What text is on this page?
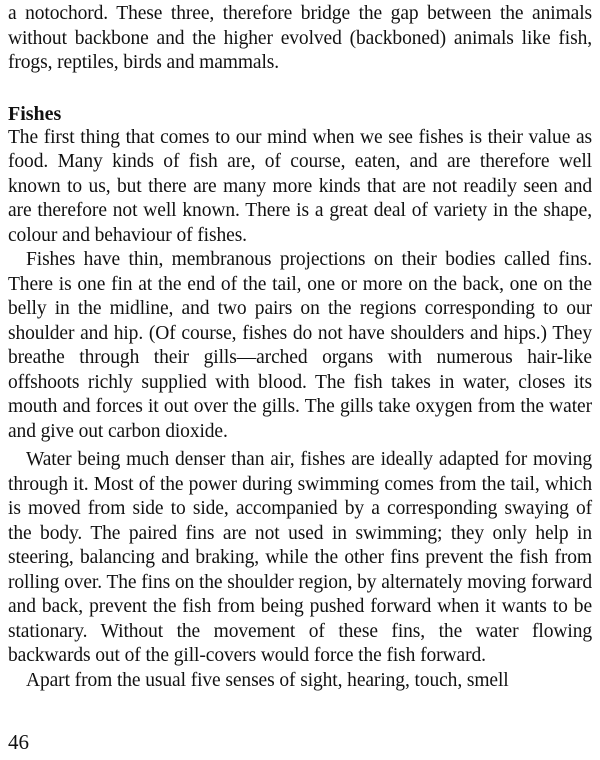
a notochord. These three, therefore bridge the gap between the animals without backbone and the higher evolved (backboned) animals like fish, frogs, reptiles, birds and mammals.

Fishes

The first thing that comes to our mind when we see fishes is their value as food. Many kinds of fish are, of course, eaten, and are therefore well known to us, but there are many more kinds that are not readily seen and are therefore not well known. There is a great deal of variety in the shape, colour and behaviour of fishes.

Fishes have thin, membranous projections on their bodies called fins. There is one fin at the end of the tail, one or more on the back, one on the belly in the midline, and two pairs on the regions corresponding to our shoulder and hip. (Of course, fishes do not have shoulders and hips.) They breathe through their gills—arched organs with numerous hair-like offshoots richly supplied with blood. The fish takes in water, closes its mouth and forces it out over the gills. The gills take oxygen from the water and give out carbon dioxide.

Water being much denser than air, fishes are ideally adapted for moving through it. Most of the power during swimming comes from the tail, which is moved from side to side, accompanied by a corresponding swaying of the body. The paired fins are not used in swimming; they only help in steering, balancing and braking, while the other fins prevent the fish from rolling over. The fins on the shoulder region, by alternately moving forward and back, prevent the fish from being pushed forward when it wants to be stationary. Without the movement of these fins, the water flowing backwards out of the gill-covers would force the fish forward.

Apart from the usual five senses of sight, hearing, touch, smell

46
